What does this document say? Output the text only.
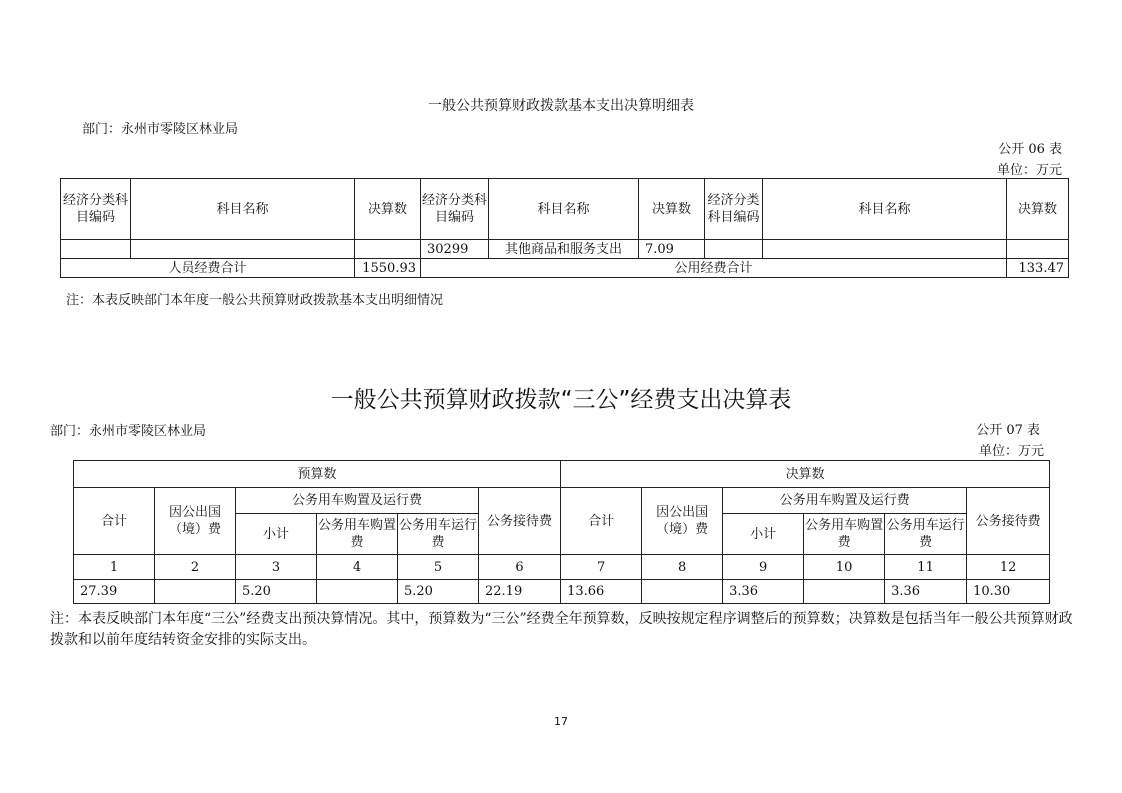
一般公共预算财政拨款基本支出决算明细表
部门：永州市零陵区林业局
公开 06 表
单位：万元
经济分类科目编码	科目名称	决算数	经济分类科目编码	科目名称	决算数	经济分类科目编码	科目名称	决算数
			30299	其他商品和服务支出	7.09			
人员经费合计		1550.93	公用经费合计					133.47
注：本表反映部门本年度一般公共预算财政拨款基本支出明细情况
一般公共预算财政拨款“三公”经费支出决算表
部门：永州市零陵区林业局	公开 07 表
单位：万元
预算数						决算数					
合计	因公出国（境）费	公务用车购置及运行费			公务接待费	合计	因公出国（境）费	公务用车购置及运行费			公务接待费
		小计	公务用车购置费	公务用车运行费				小计	公务用车购置费	公务用车运行费	
1	2	3	4	5	6	7	8	9	10	11	12
27.39		5.20		5.20	22.19	13.66		3.36		3.36	10.30
注：本表反映部门本年度“三公”经费支出预决算情况。其中，预算数为“三公”经费全年预算数，反映按规定程序调整后的预算数；决算数是包括当年一般公共预算财政拨款和以前年度结转资金安排的实际支出。
17
